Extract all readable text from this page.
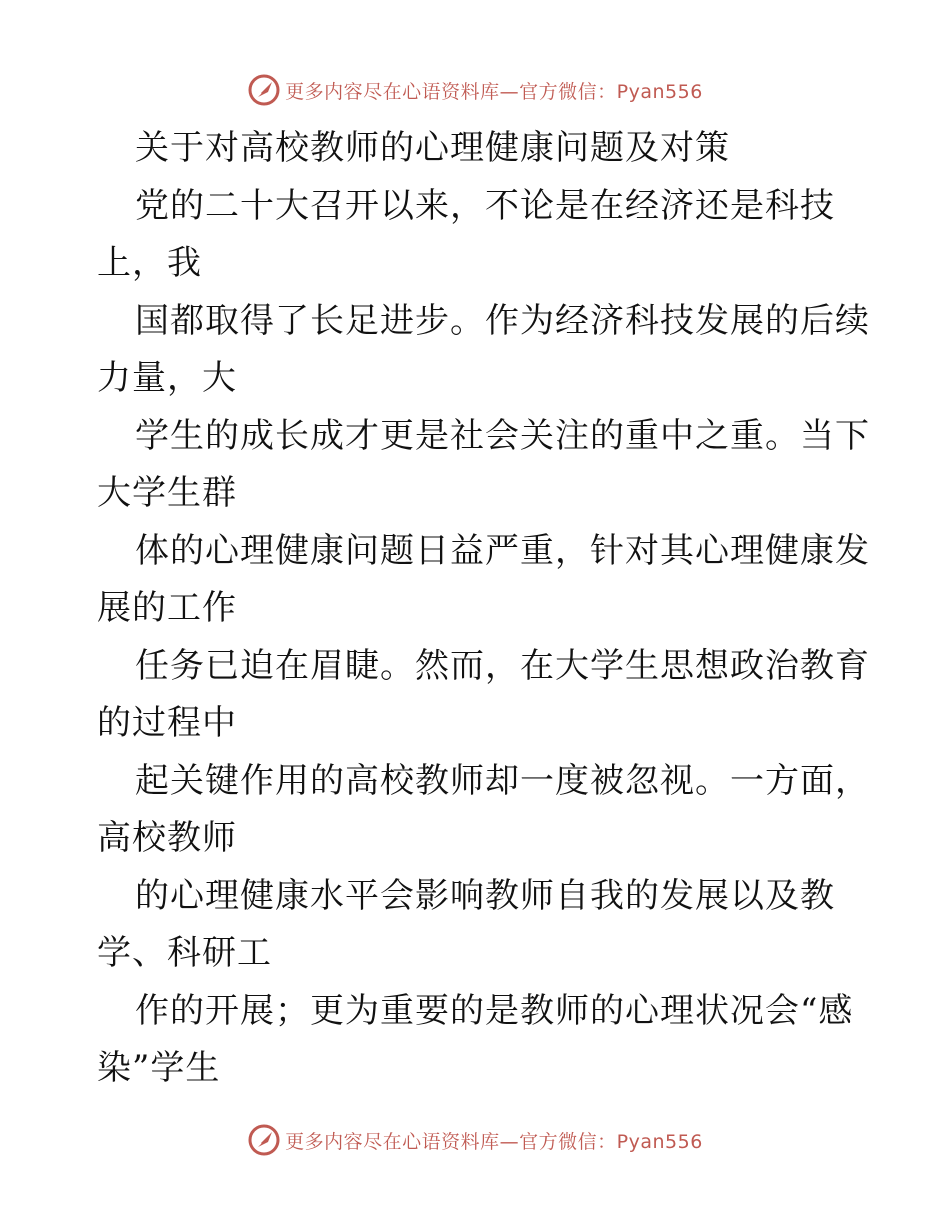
更多内容尽在心语资料库—官方微信：Pyan556
关于对高校教师的心理健康问题及对策
党的二十大召开以来，不论是在经济还是科技
上，我
国都取得了长足进步。作为经济科技发展的后续
力量，大
学生的成长成才更是社会关注的重中之重。当下
大学生群
体的心理健康问题日益严重，针对其心理健康发
展的工作
任务已迫在眉睫。然而，在大学生思想政治教育
的过程中
起关键作用的高校教师却一度被忽视。一方面，
高校教师
的心理健康水平会影响教师自我的发展以及教
学、科研工
作的开展；更为重要的是教师的心理状况会“感
染”学生
更多内容尽在心语资料库—官方微信：Pyan556
